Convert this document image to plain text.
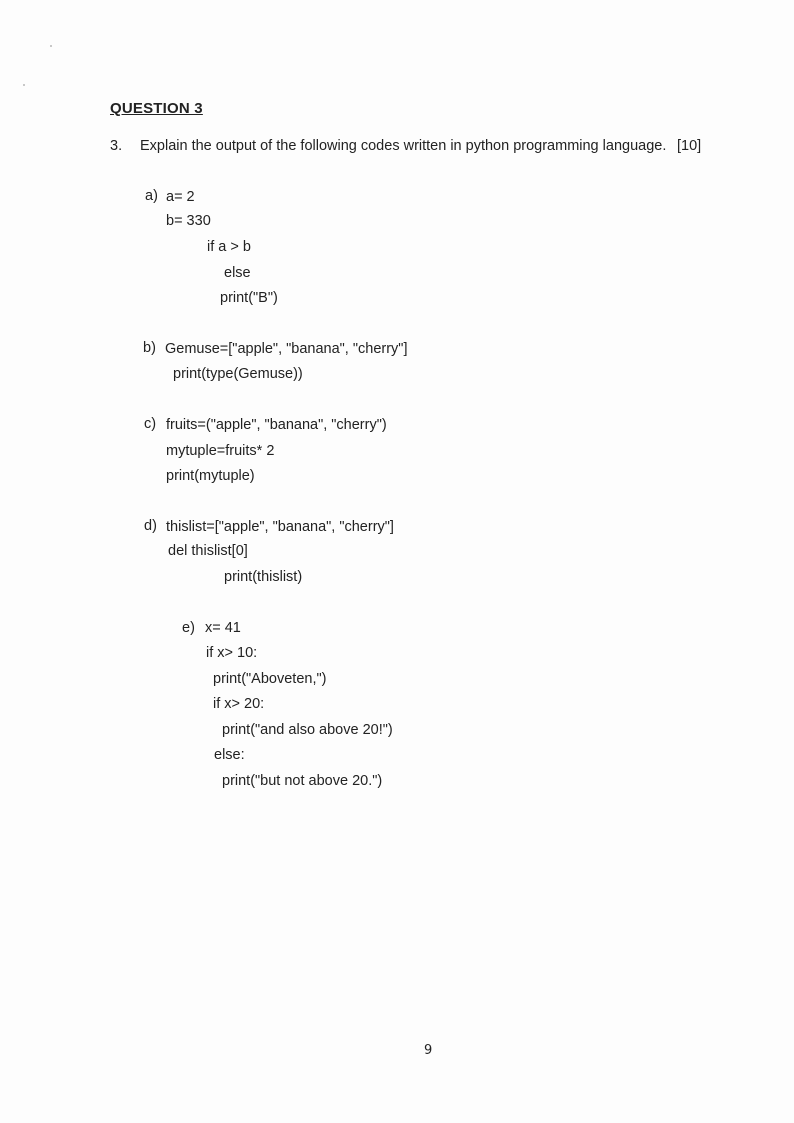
QUESTION 3
3. Explain the output of the following codes written in python programming language. [10]
a) a= 2
b= 330
if a > b
else
print("B")
b) Gemuse=["apple", "banana", "cherry"]
print(type(Gemuse))
c) fruits=("apple", "banana", "cherry")
mytuple=fruits* 2
print(mytuple)
d) thislist=["apple", "banana", "cherry"]
del thislist[0]
print(thislist)
e) x= 41
if x> 10:
print("Aboveten,")
if x> 20:
print("and also above 20!")
else:
print("but not above 20.")
9
